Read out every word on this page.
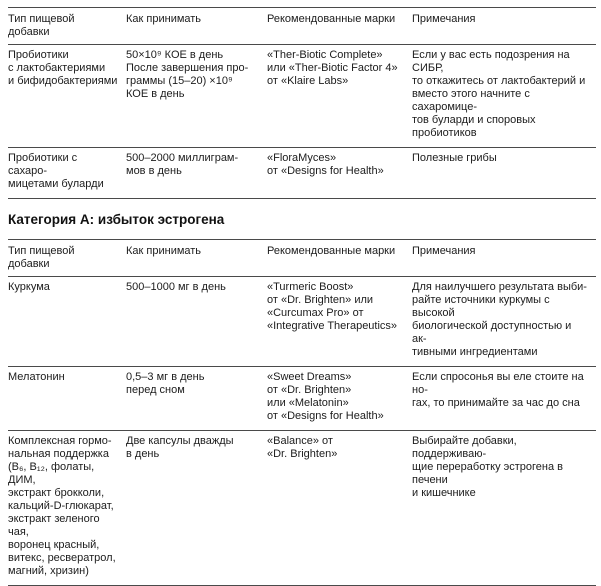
Тип пищевой
добавки	Как принимать	Рекомендованные марки	Примечания
Пробиотики
с лактобактериями
и бифидобактериями	50×10⁹ КОЕ в день
После завершения про-
граммы (15–20) ×10⁹
КОЕ в день	«Ther-Biotic Complete»
или «Ther-Biotic Factor 4»
от «Klaire Labs»	Если у вас есть подозрения на СИБР,
то откажитесь от лактобактерий и
вместо этого начните с сахаромице-
тов буларди и споровых пробиотиков
Пробиотики с сахаро-
мицетами буларди	500–2000 миллиграм-
мов в день	«FloraMyces»
от «Designs for Health»	Полезные грибы
Категория А: избыток эстрогена
Тип пищевой
добавки	Как принимать	Рекомендованные марки	Примечания
Куркума	500–1000 мг в день	«Turmeric Boost»
от «Dr. Brighten» или
«Curcumax Pro» от
«Integrative Therapeutics»	Для наилучшего результата выби-
райте источники куркумы с высокой
биологической доступностью и ак-
тивными ингредиентами
Мелатонин	0,5–3 мг в день
перед сном	«Sweet Dreams»
от «Dr. Brighten»
или «Melatonin»
от «Designs for Health»	Если спросонья вы еле стоите на но-
гах, то принимайте за час до сна
Комплексная гормо-
нальная поддержка
(B₆, B₁₂, фолаты, ДИМ,
экстракт брокколи,
кальций-D-глюкарат,
экстракт зеленого чая,
воронец красный,
витекс, ресвератрол,
магний, хризин)	Две капсулы дважды
в день	«Balance» от
«Dr. Brighten»	Выбирайте добавки, поддерживаю-
щие переработку эстрогена в печени
и кишечнике
